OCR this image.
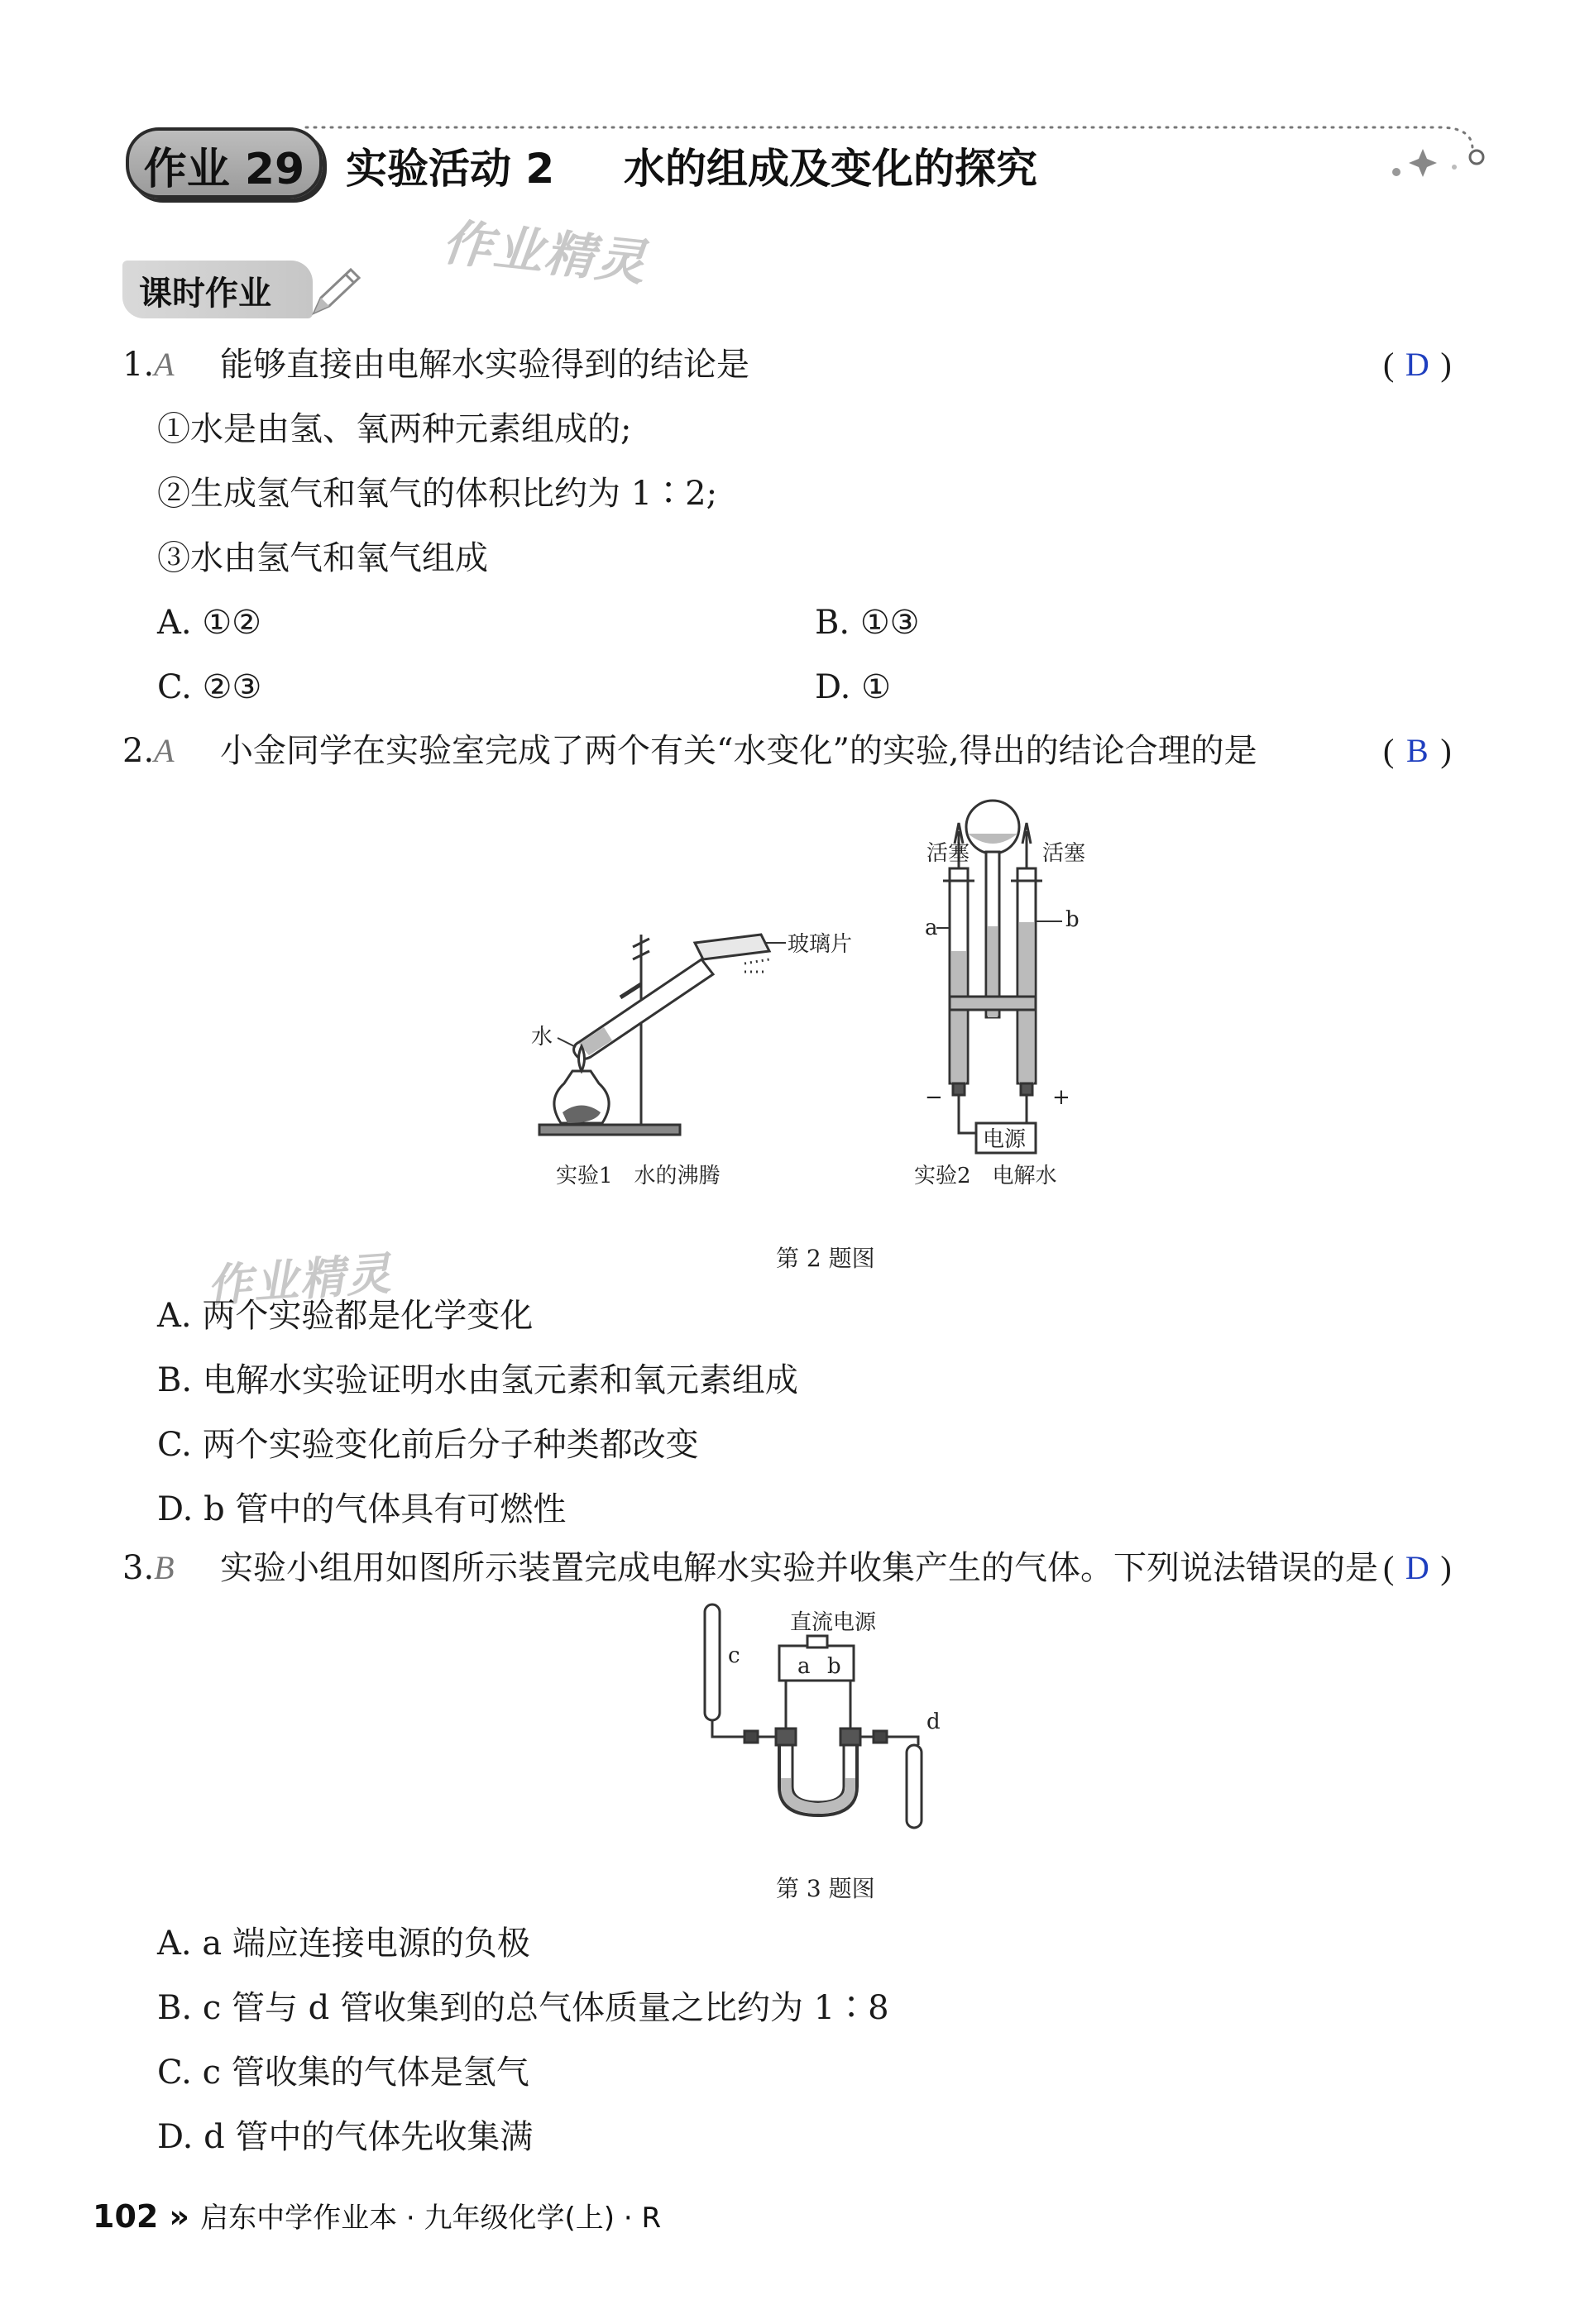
作业 29 实验活动 2 水的组成及变化的探究
作业精灵
课时作业
1.A 能够直接由电解水实验得到的结论是	( D )
①水是由氢、氧两种元素组成的;
②生成氢气和氧气的体积比约为 1∶2;
③水由氢气和氧气组成
A. ①②	B. ①③
C. ②③	D. ①
2.A 小金同学在实验室完成了两个有关“水变化”的实验,得出的结论合理的是	( B )
玻璃片
水
实验1　水的沸腾
活塞	活塞
a	b
−	+
电源
实验2　电解水
第 2 题图
作业精灵
A. 两个实验都是化学变化
B. 电解水实验证明水由氢元素和氧元素组成
C. 两个实验变化前后分子种类都改变
D. b 管中的气体具有可燃性
3.B 实验小组用如图所示装置完成电解水实验并收集产生的气体。下列说法错误的是 ( D )
直流电源
a b
c
d
第 3 题图
A. a 端应连接电源的负极
B. c 管与 d 管收集到的总气体质量之比约为 1∶8
C. c 管收集的气体是氢气
D. d 管中的气体先收集满
102 » 启东中学作业本 · 九年级化学(上) · R
